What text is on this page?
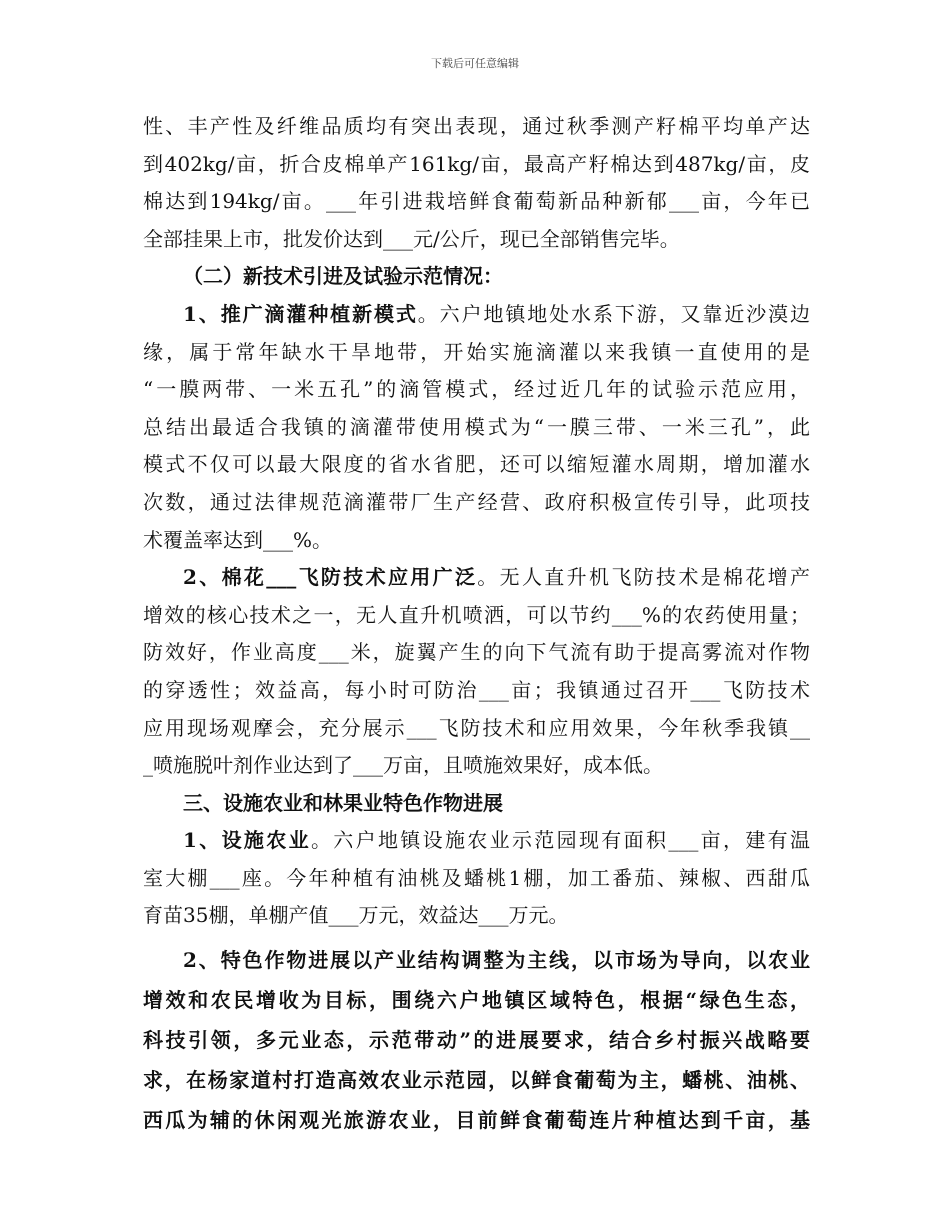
下载后可任意编辑
性、丰产性及纤维品质均有突出表现，通过秋季测产籽棉平均单产达
到402kg/亩，折合皮棉单产161kg/亩，最高产籽棉达到487kg/亩，皮
棉达到194kg/亩。___年引进栽培鲜食葡萄新品种新郁___亩，今年已
全部挂果上市，批发价达到___元/公斤，现已全部销售完毕。
（二）新技术引进及试验示范情况：
1、推广滴灌种植新模式。六户地镇地处水系下游，又靠近沙漠边
缘，属于常年缺水干旱地带，开始实施滴灌以来我镇一直使用的是
“一膜两带、一米五孔”的滴管模式，经过近几年的试验示范应用，
总结出最适合我镇的滴灌带使用模式为“一膜三带、一米三孔”，此
模式不仅可以最大限度的省水省肥，还可以缩短灌水周期，增加灌水
次数，通过法律规范滴灌带厂生产经营、政府积极宣传引导，此项技
术覆盖率达到___%。
2、棉花___飞防技术应用广泛。无人直升机飞防技术是棉花增产
增效的核心技术之一，无人直升机喷洒，可以节约___%的农药使用量；
防效好，作业高度___米，旋翼产生的向下气流有助于提高雾流对作物
的穿透性；效益高，每小时可防治___亩；我镇通过召开___飞防技术
应用现场观摩会，充分展示___飞防技术和应用效果，今年秋季我镇__
_喷施脱叶剂作业达到了___万亩，且喷施效果好，成本低。
三、设施农业和林果业特色作物进展
1、设施农业。六户地镇设施农业示范园现有面积___亩，建有温
室大棚___座。今年种植有油桃及蟠桃1棚，加工番茄、辣椒、西甜瓜
育苗35棚，单棚产值___万元，效益达___万元。
2、特色作物进展以产业结构调整为主线，以市场为导向，以农业
增效和农民增收为目标，围绕六户地镇区域特色，根据“绿色生态，
科技引领，多元业态，示范带动”的进展要求，结合乡村振兴战略要
求，在杨家道村打造高效农业示范园，以鲜食葡萄为主，蟠桃、油桃、
西瓜为辅的休闲观光旅游农业，目前鲜食葡萄连片种植达到千亩，基
